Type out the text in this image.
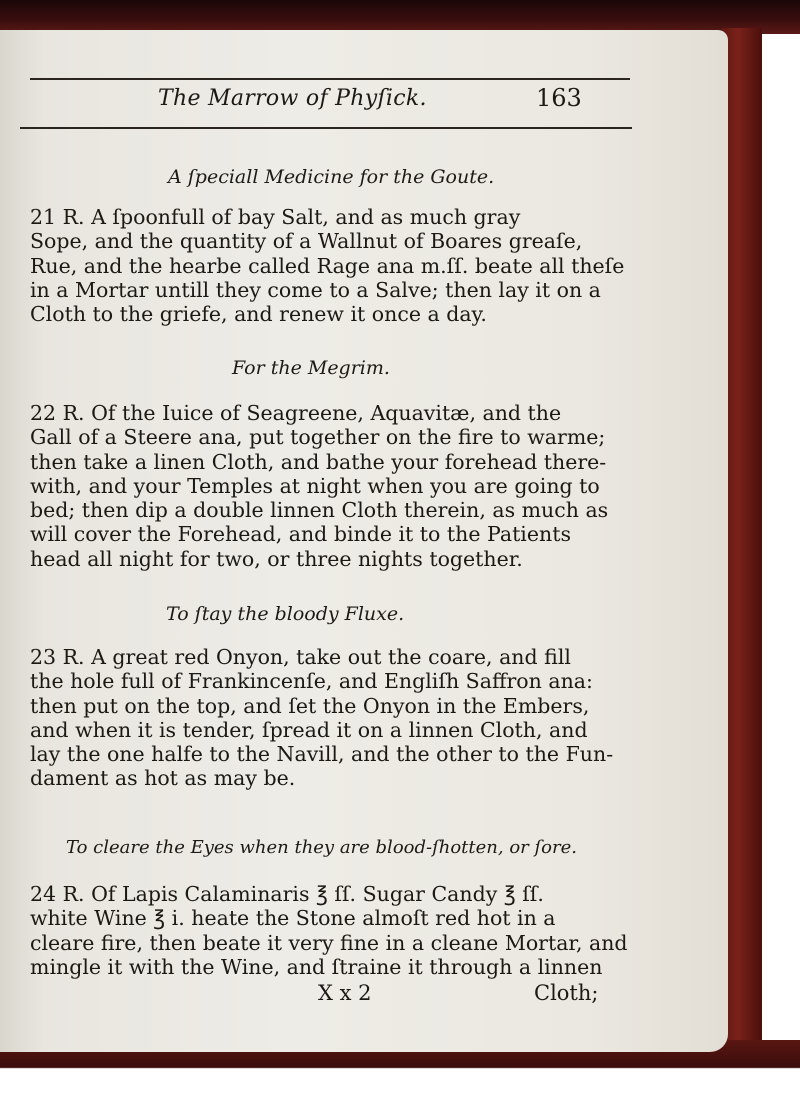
The Marrow of Phyſick.	163
A ſpeciall Medicine for the Goute.
21 R. A ſpoonfull of bay Salt, and as much gray
Sope, and the quantity of a Wallnut of Boares greaſe,
Rue, and the hearbe called Rage ana m.ſſ. beate all theſe
in a Mortar untill they come to a Salve; then lay it on a
Cloth to the griefe, and renew it once a day.
For the Megrim.
22 R. Of the Iuice of Seagreene, Aquavitæ, and the
Gall of a Steere ana, put together on the fire to warme;
then take a linen Cloth, and bathe your forehead there-
with, and your Temples at night when you are going to
bed; then dip a double linnen Cloth therein, as much as
will cover the Forehead, and binde it to the Patients
head all night for two, or three nights together.
To ſtay the bloody Fluxe.
23 R. A great red Onyon, take out the coare, and fill
the hole full of Frankincenſe, and Engliſh Saffron ana:
then put on the top, and ſet the Onyon in the Embers,
and when it is tender, ſpread it on a linnen Cloth, and
lay the one halfe to the Navill, and the other to the Fun-
dament as hot as may be.
To cleare the Eyes when they are blood-ſhotten, or ſore.
24 R. Of Lapis Calaminaris ℥ ſſ. Sugar Candy ℥ ſſ.
white Wine ℥ i. heate the Stone almoſt red hot in a
cleare fire, then beate it very fine in a cleane Mortar, and
mingle it with the Wine, and ſtraine it through a linnen
X x 2	Cloth;
